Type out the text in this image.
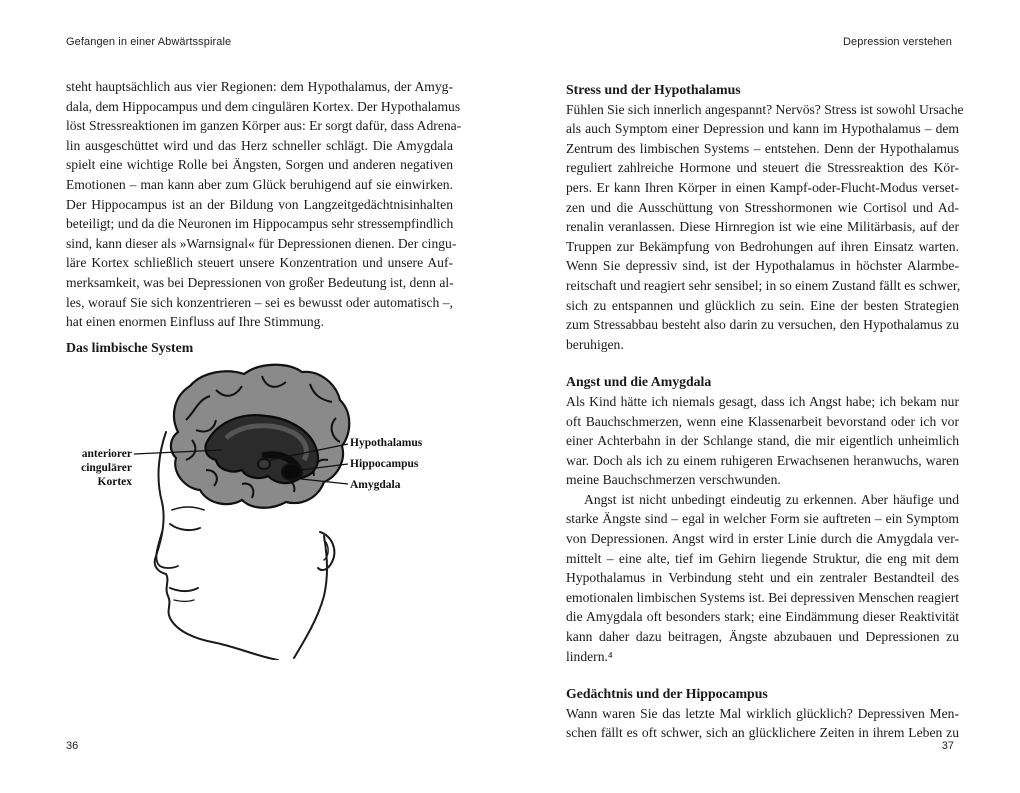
Gefangen in einer Abwärtsspirale
steht hauptsächlich aus vier Regionen: dem Hypothalamus, der Amyg-
dala, dem Hippocampus und dem cingulären Kortex. Der Hypothalamus
löst Stressreaktionen im ganzen Körper aus: Er sorgt dafür, dass Adrena-
lin ausgeschüttet wird und das Herz schneller schlägt. Die Amygdala
spielt eine wichtige Rolle bei Ängsten, Sorgen und anderen negativen
Emotionen – man kann aber zum Glück beruhigend auf sie einwirken.
Der Hippocampus ist an der Bildung von Langzeitgedächtnisinhalten
beteiligt; und da die Neuronen im Hippocampus sehr stressempfindlich
sind, kann dieser als »Warnsignal« für Depressionen dienen. Der cingu-
läre Kortex schließlich steuert unsere Konzentration und unsere Auf-
merksamkeit, was bei Depressionen von großer Bedeutung ist, denn al-
les, worauf Sie sich konzentrieren – sei es bewusst oder automatisch –,
hat einen enormen Einfluss auf Ihre Stimmung.
Das limbische System
anteriorer
cingulärer
Kortex
Hypothalamus
Hippocampus
Amygdala
36
Depression verstehen
Stress und der Hypothalamus
Fühlen Sie sich innerlich angespannt? Nervös? Stress ist sowohl Ursache
als auch Symptom einer Depression und kann im Hypothalamus – dem
Zentrum des limbischen Systems – entstehen. Denn der Hypothalamus
reguliert zahlreiche Hormone und steuert die Stressreaktion des Kör-
pers. Er kann Ihren Körper in einen Kampf-oder-Flucht-Modus verset-
zen und die Ausschüttung von Stresshormonen wie Cortisol und Ad-
renalin veranlassen. Diese Hirnregion ist wie eine Militärbasis, auf der
Truppen zur Bekämpfung von Bedrohungen auf ihren Einsatz warten.
Wenn Sie depressiv sind, ist der Hypothalamus in höchster Alarmbe-
reitschaft und reagiert sehr sensibel; in so einem Zustand fällt es schwer,
sich zu entspannen und glücklich zu sein. Eine der besten Strategien
zum Stressabbau besteht also darin zu versuchen, den Hypothalamus zu
beruhigen.
Angst und die Amygdala
Als Kind hätte ich niemals gesagt, dass ich Angst habe; ich bekam nur
oft Bauchschmerzen, wenn eine Klassenarbeit bevorstand oder ich vor
einer Achterbahn in der Schlange stand, die mir eigentlich unheimlich
war. Doch als ich zu einem ruhigeren Erwachsenen heranwuchs, waren
meine Bauchschmerzen verschwunden.
Angst ist nicht unbedingt eindeutig zu erkennen. Aber häufige und
starke Ängste sind – egal in welcher Form sie auftreten – ein Symptom
von Depressionen. Angst wird in erster Linie durch die Amygdala ver-
mittelt – eine alte, tief im Gehirn liegende Struktur, die eng mit dem
Hypothalamus in Verbindung steht und ein zentraler Bestandteil des
emotionalen limbischen Systems ist. Bei depressiven Menschen reagiert
die Amygdala oft besonders stark; eine Eindämmung dieser Reaktivität
kann daher dazu beitragen, Ängste abzubauen und Depressionen zu
lindern.⁴
Gedächtnis und der Hippocampus
Wann waren Sie das letzte Mal wirklich glücklich? Depressiven Men-
schen fällt es oft schwer, sich an glücklichere Zeiten in ihrem Leben zu
37
